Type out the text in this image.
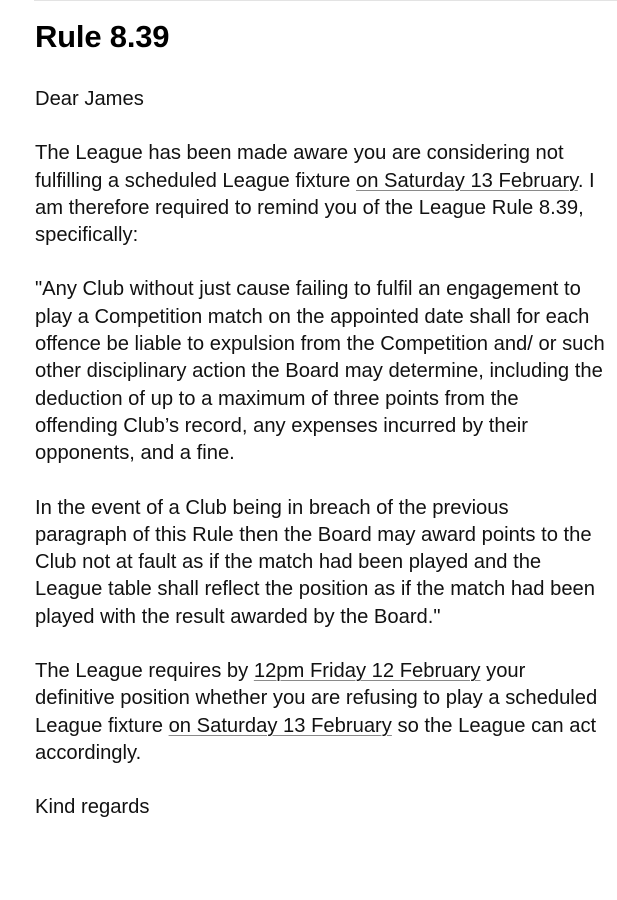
Rule 8.39

Dear James

The League has been made aware you are considering not fulfilling a scheduled League fixture on Saturday 13 February. I am therefore required to remind you of the League Rule 8.39, specifically:

"Any Club without just cause failing to fulfil an engagement to play a Competition match on the appointed date shall for each offence be liable to expulsion from the Competition and/ or such other disciplinary action the Board may determine, including the deduction of up to a maximum of three points from the offending Club’s record, any expenses incurred by their opponents, and a fine.

In the event of a Club being in breach of the previous paragraph of this Rule then the Board may award points to the Club not at fault as if the match had been played and the League table shall reflect the position as if the match had been played with the result awarded by the Board."

The League requires by 12pm Friday 12 February your definitive position whether you are refusing to play a scheduled League fixture on Saturday 13 February so the League can act accordingly.

Kind regards
